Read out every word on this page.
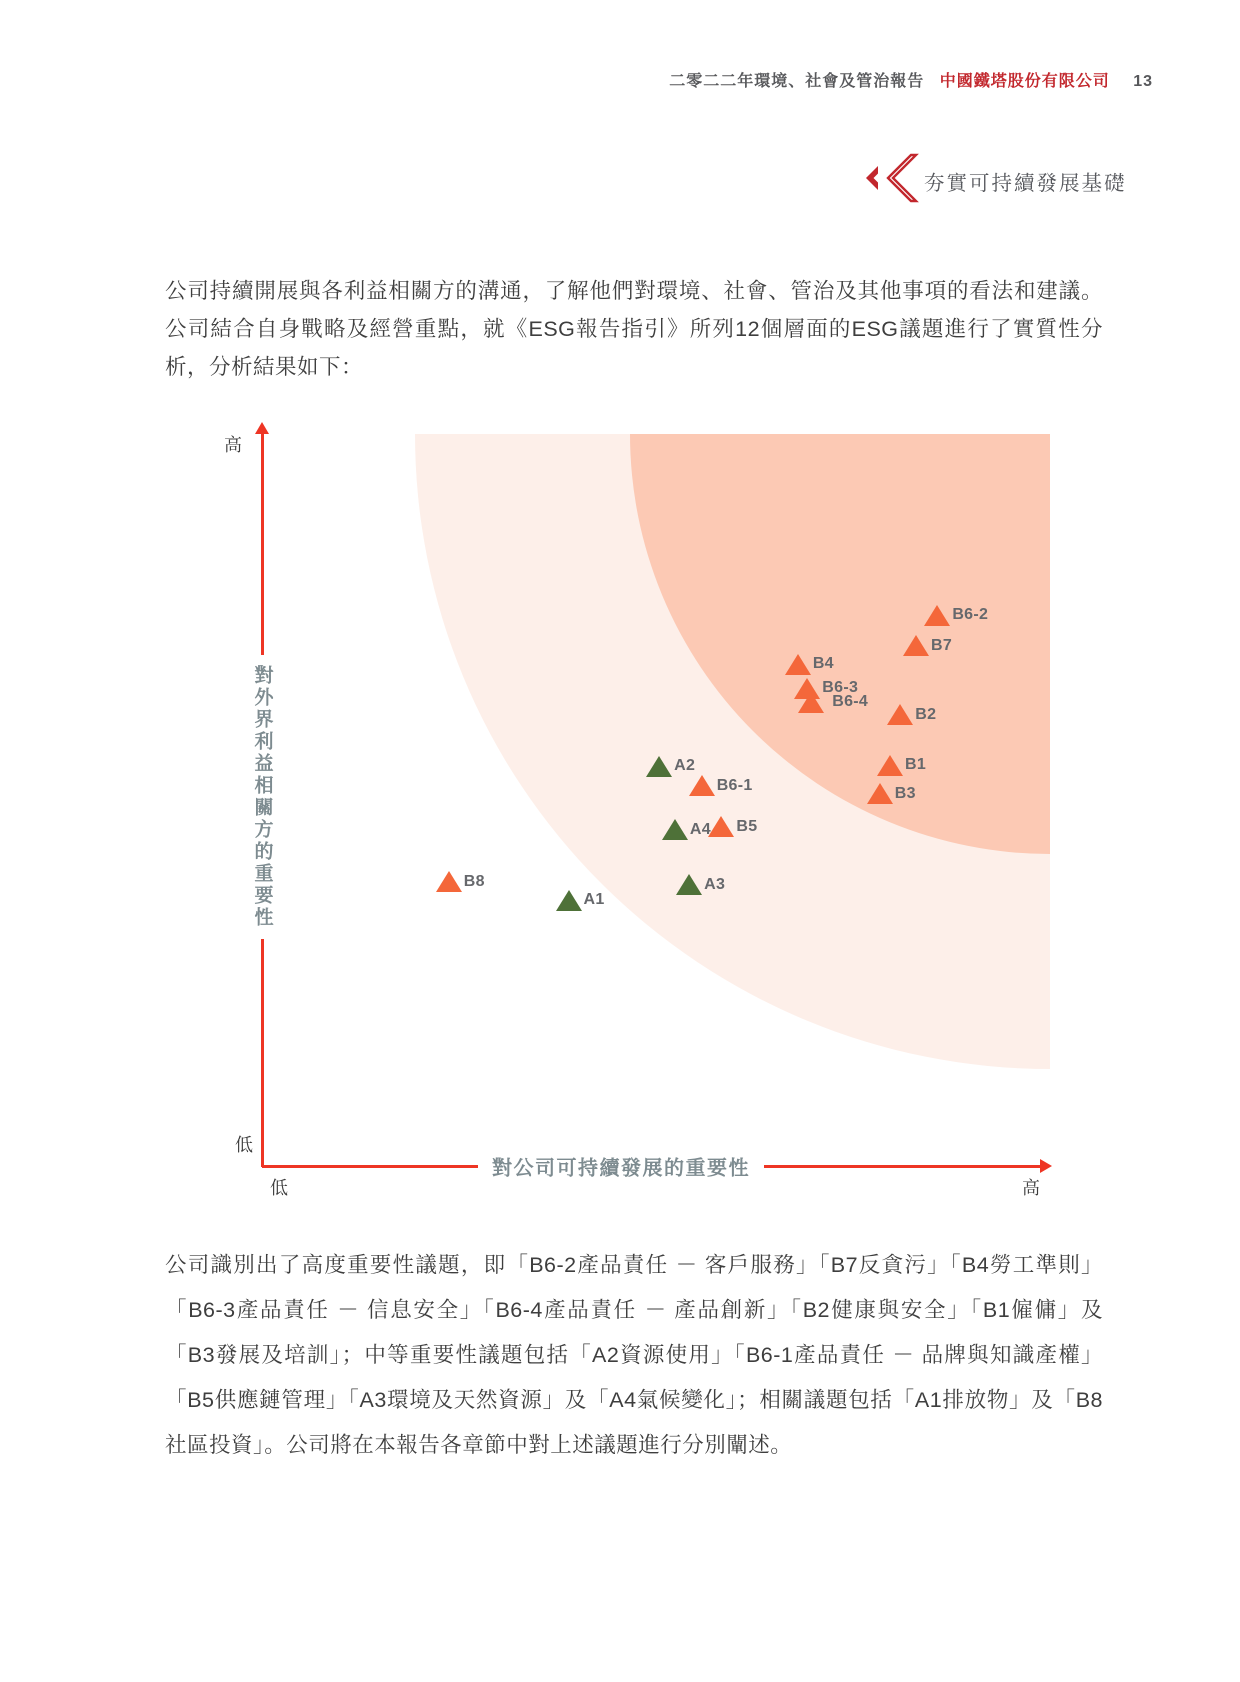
二零二二年環境、社會及管治報告 中國鐵塔股份有限公司 13
夯實可持續發展基礎
公司持續開展與各利益相關方的溝通，了解他們對環境、社會、管治及其他事項的看法和建議。公司結合自身戰略及經營重點，就《ESG報告指引》所列12個層面的ESG議題進行了實質性分析，分析結果如下：
A1
A2
A3
A4
B4
B6-3
B6-4
B6-2
B7
B2
B1
B3
B6-1
B5
B8
高
低
低	高
對外界利益相關方的重要性
對公司可持續發展的重要性
公司識別出了高度重要性議題，即「B6-2產品責任 － 客戶服務」「B7反貪污」「B4勞工準則」「B6-3產品責任 － 信息安全」「B6-4產品責任 － 產品創新」「B2健康與安全」「B1僱傭」及「B3發展及培訓」；中等重要性議題包括「A2資源使用」「B6-1產品責任 － 品牌與知識產權」「B5供應鏈管理」「A3環境及天然資源」及「A4氣候變化」；相關議題包括「A1排放物」及「B8社區投資」。公司將在本報告各章節中對上述議題進行分別闡述。
